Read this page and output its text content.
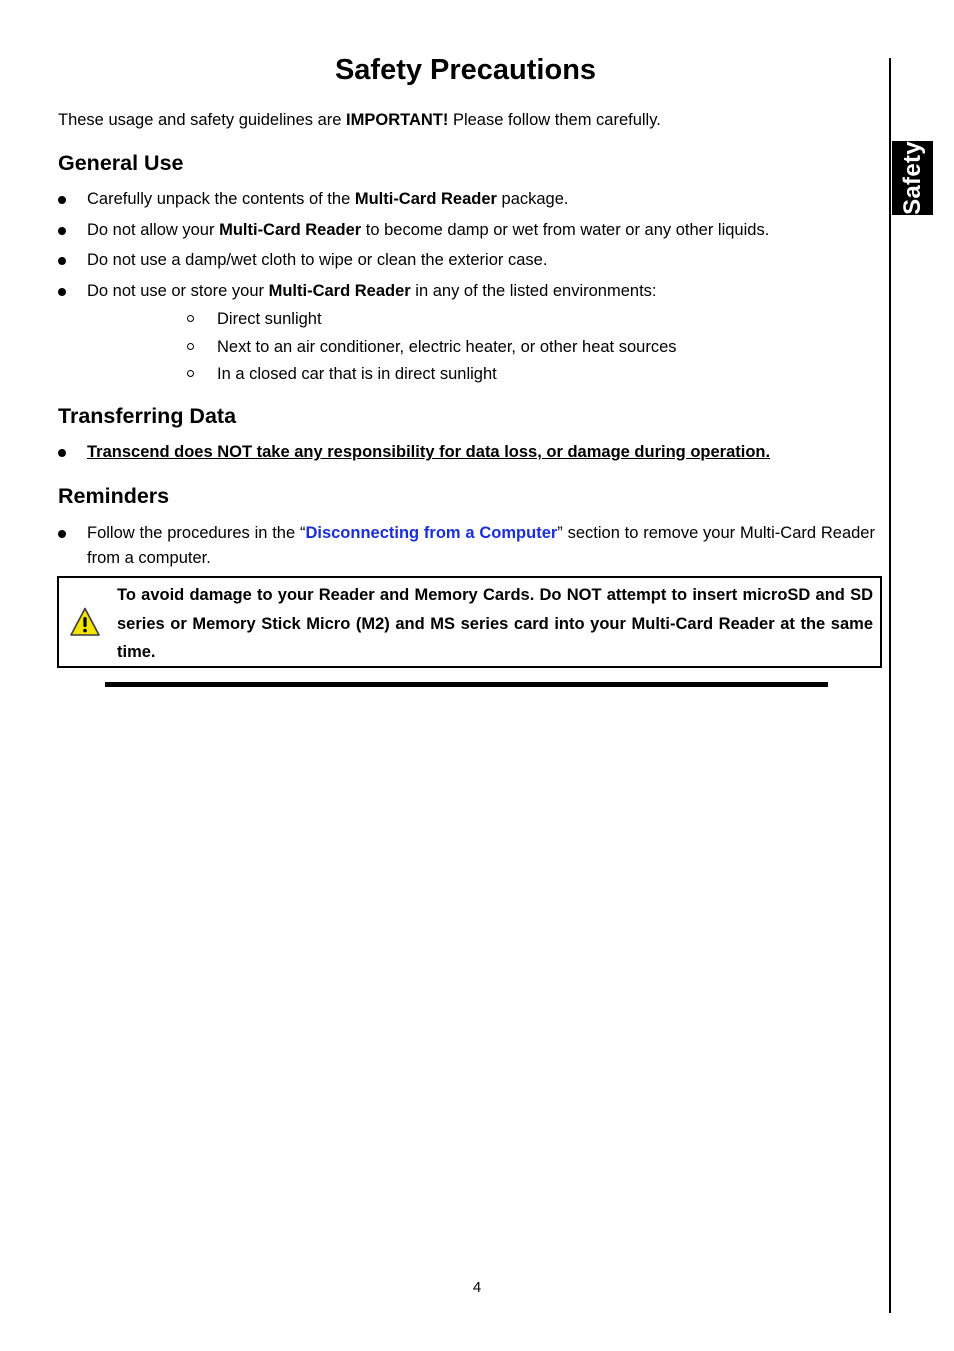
Safety
Safety Precautions

These usage and safety guidelines are IMPORTANT! Please follow them carefully.

General Use
Carefully unpack the contents of the Multi-Card Reader package.
Do not allow your Multi-Card Reader to become damp or wet from water or any other liquids.
Do not use a damp/wet cloth to wipe or clean the exterior case.
Do not use or store your Multi-Card Reader in any of the listed environments:
Direct sunlight
Next to an air conditioner, electric heater, or other heat sources
In a closed car that is in direct sunlight
Transferring Data
Transcend does NOT take any responsibility for data loss, or damage during operation.
Reminders
Follow the procedures in the “Disconnecting from a Computer” section to remove your Multi-Card Reader from a computer.
To avoid damage to your Reader and Memory Cards. Do NOT attempt to insert microSD and SD series or Memory Stick Micro (M2) and MS series card into your Multi-Card Reader at the same time.
4
